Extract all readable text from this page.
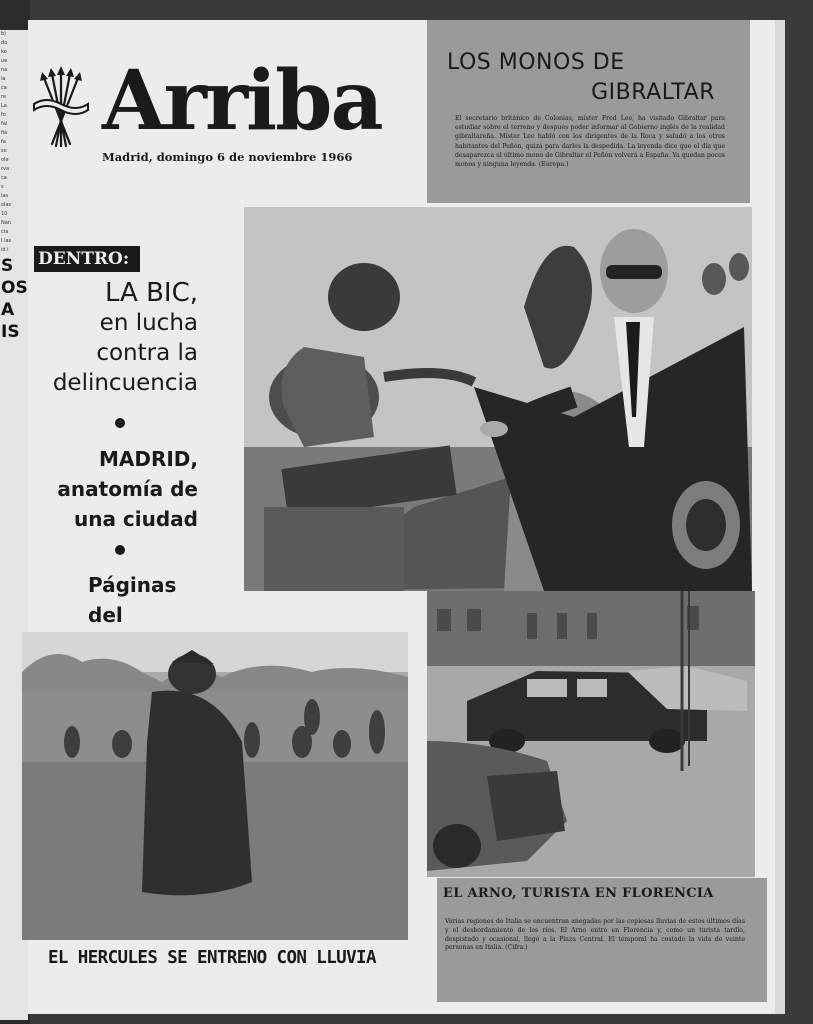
b)
do
ko
ue
na
la
ca
re
La
fo
fal
fia
fa
so
ole
rva
ca
s
las
olas
10
Nan
cia
I las
id i
S
OS
A
IS
Arriba
Madrid, domingo 6 de noviembre 1966
LOS MONOS DE
GIBRALTAR
El secretario británico de Colonias, míster Fred Lee, ha visitado Gibraltar para estudiar sobre el terreno y después poder informar al Gobierno inglés de la realidad gibraltareña. Míster Lee habló con los dirigentes de la Roca y saludó a los otros habitantes del Peñón, quizá para darles la despedida. La leyenda dice que el día que desaparezca el último mono de Gibraltar el Peñón volverá a España. Ya quedan pocos monos y ninguna leyenda. (Europa.)
DENTRO:
LA BIC,
en lucha
contra la
delincuencia
MADRID,
anatomía de
una ciudad
Páginas del
EL HERCULES SE ENTRENO CON LLUVIA
EL ARNO, TURISTA EN FLORENCIA
Varias regiones de Italia se encuentran anegadas por las copiosas lluvias de estos últimos días y el desbordamiento de los ríos. El Arno entró en Florencia y, como un turista tardío, despistado y ocasional, llegó a la Plaza Central. El temporal ha costado la vida de veinte personas en Italia. (Cifra.)
